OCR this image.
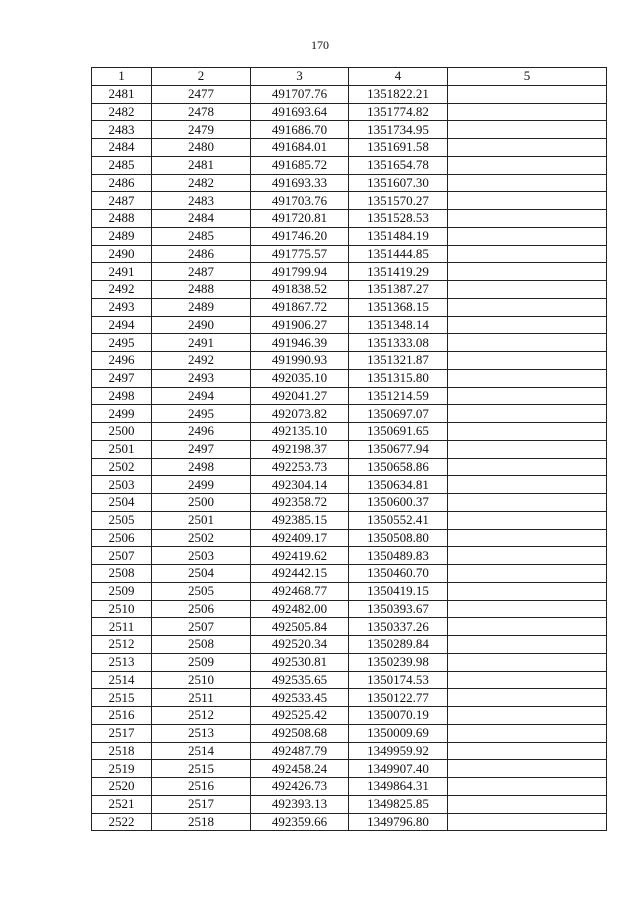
170
1	2	3	4	5
2481	2477	491707.76	1351822.21	
2482	2478	491693.64	1351774.82	
2483	2479	491686.70	1351734.95	
2484	2480	491684.01	1351691.58	
2485	2481	491685.72	1351654.78	
2486	2482	491693.33	1351607.30	
2487	2483	491703.76	1351570.27	
2488	2484	491720.81	1351528.53	
2489	2485	491746.20	1351484.19	
2490	2486	491775.57	1351444.85	
2491	2487	491799.94	1351419.29	
2492	2488	491838.52	1351387.27	
2493	2489	491867.72	1351368.15	
2494	2490	491906.27	1351348.14	
2495	2491	491946.39	1351333.08	
2496	2492	491990.93	1351321.87	
2497	2493	492035.10	1351315.80	
2498	2494	492041.27	1351214.59	
2499	2495	492073.82	1350697.07	
2500	2496	492135.10	1350691.65	
2501	2497	492198.37	1350677.94	
2502	2498	492253.73	1350658.86	
2503	2499	492304.14	1350634.81	
2504	2500	492358.72	1350600.37	
2505	2501	492385.15	1350552.41	
2506	2502	492409.17	1350508.80	
2507	2503	492419.62	1350489.83	
2508	2504	492442.15	1350460.70	
2509	2505	492468.77	1350419.15	
2510	2506	492482.00	1350393.67	
2511	2507	492505.84	1350337.26	
2512	2508	492520.34	1350289.84	
2513	2509	492530.81	1350239.98	
2514	2510	492535.65	1350174.53	
2515	2511	492533.45	1350122.77	
2516	2512	492525.42	1350070.19	
2517	2513	492508.68	1350009.69	
2518	2514	492487.79	1349959.92	
2519	2515	492458.24	1349907.40	
2520	2516	492426.73	1349864.31	
2521	2517	492393.13	1349825.85	
2522	2518	492359.66	1349796.80	
